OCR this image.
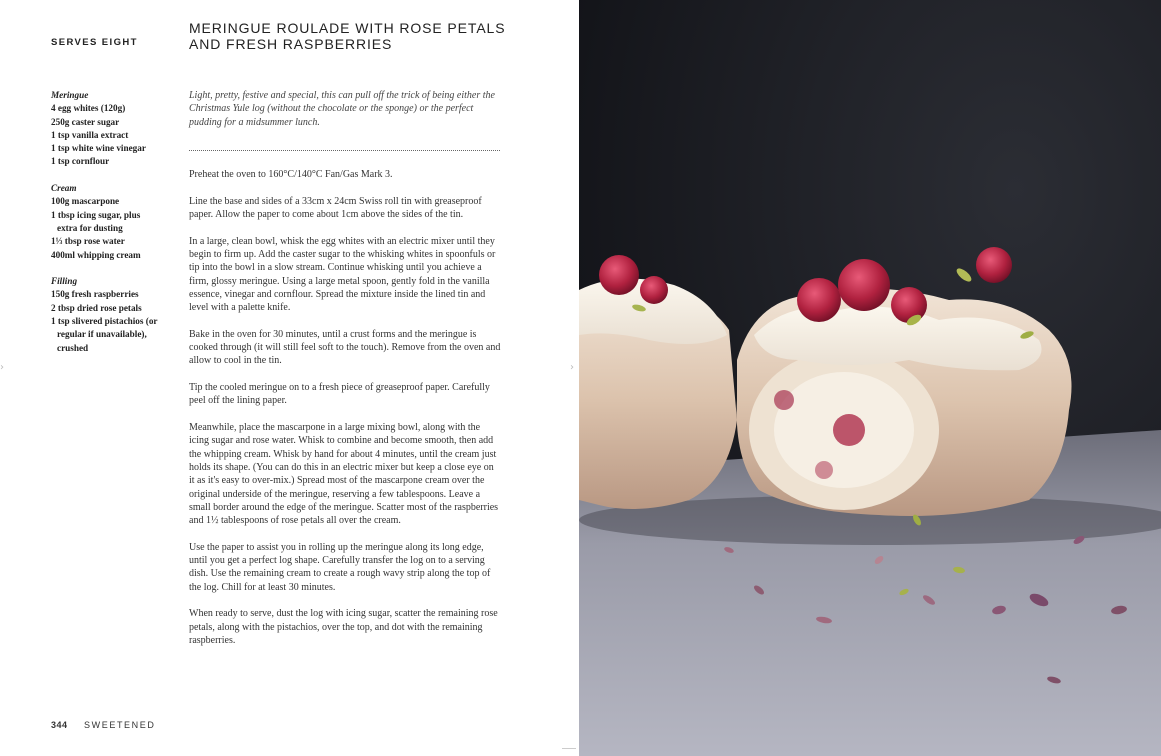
SERVES EIGHT
MERINGUE ROULADE WITH ROSE PETALS AND FRESH RASPBERRIES
Meringue
4 egg whites (120g)
250g caster sugar
1 tsp vanilla extract
1 tsp white wine vinegar
1 tsp cornflour
Cream
100g mascarpone
1 tbsp icing sugar, plus
extra for dusting
1⅓ tbsp rose water
400ml whipping cream
Filling
150g fresh raspberries
2 tbsp dried rose petals
1 tsp slivered pistachios (or
regular if unavailable),
crushed
Light, pretty, festive and special, this can pull off the trick of being either the Christmas Yule log (without the chocolate or the sponge) or the perfect pudding for a midsummer lunch.

Preheat the oven to 160°C/140°C Fan/Gas Mark 3.

Line the base and sides of a 33cm x 24cm Swiss roll tin with greaseproof paper. Allow the paper to come about 1cm above the sides of the tin.

In a large, clean bowl, whisk the egg whites with an electric mixer until they begin to firm up. Add the caster sugar to the whisking whites in spoonfuls or tip into the bowl in a slow stream. Continue whisking until you achieve a firm, glossy meringue. Using a large metal spoon, gently fold in the vanilla essence, vinegar and cornflour. Spread the mixture inside the lined tin and level with a palette knife.

Bake in the oven for 30 minutes, until a crust forms and the meringue is cooked through (it will still feel soft to the touch). Remove from the oven and allow to cool in the tin.

Tip the cooled meringue on to a fresh piece of greaseproof paper. Carefully peel off the lining paper.

Meanwhile, place the mascarpone in a large mixing bowl, along with the icing sugar and rose water. Whisk to combine and become smooth, then add the whipping cream. Whisk by hand for about 4 minutes, until the cream just holds its shape. (You can do this in an electric mixer but keep a close eye on it as it's easy to over-mix.) Spread most of the mascarpone cream over the original underside of the meringue, reserving a few tablespoons. Leave a small border around the edge of the meringue. Scatter most of the raspberries and 1½ tablespoons of rose petals all over the cream.

Use the paper to assist you in rolling up the meringue along its long edge, until you get a perfect log shape. Carefully transfer the log on to a serving dish. Use the remaining cream to create a rough wavy strip along the top of the log. Chill for at least 30 minutes.

When ready to serve, dust the log with icing sugar, scatter the remaining rose petals, along with the pistachios, over the top, and dot with the remaining raspberries.

344 SWEETENED
›	›
